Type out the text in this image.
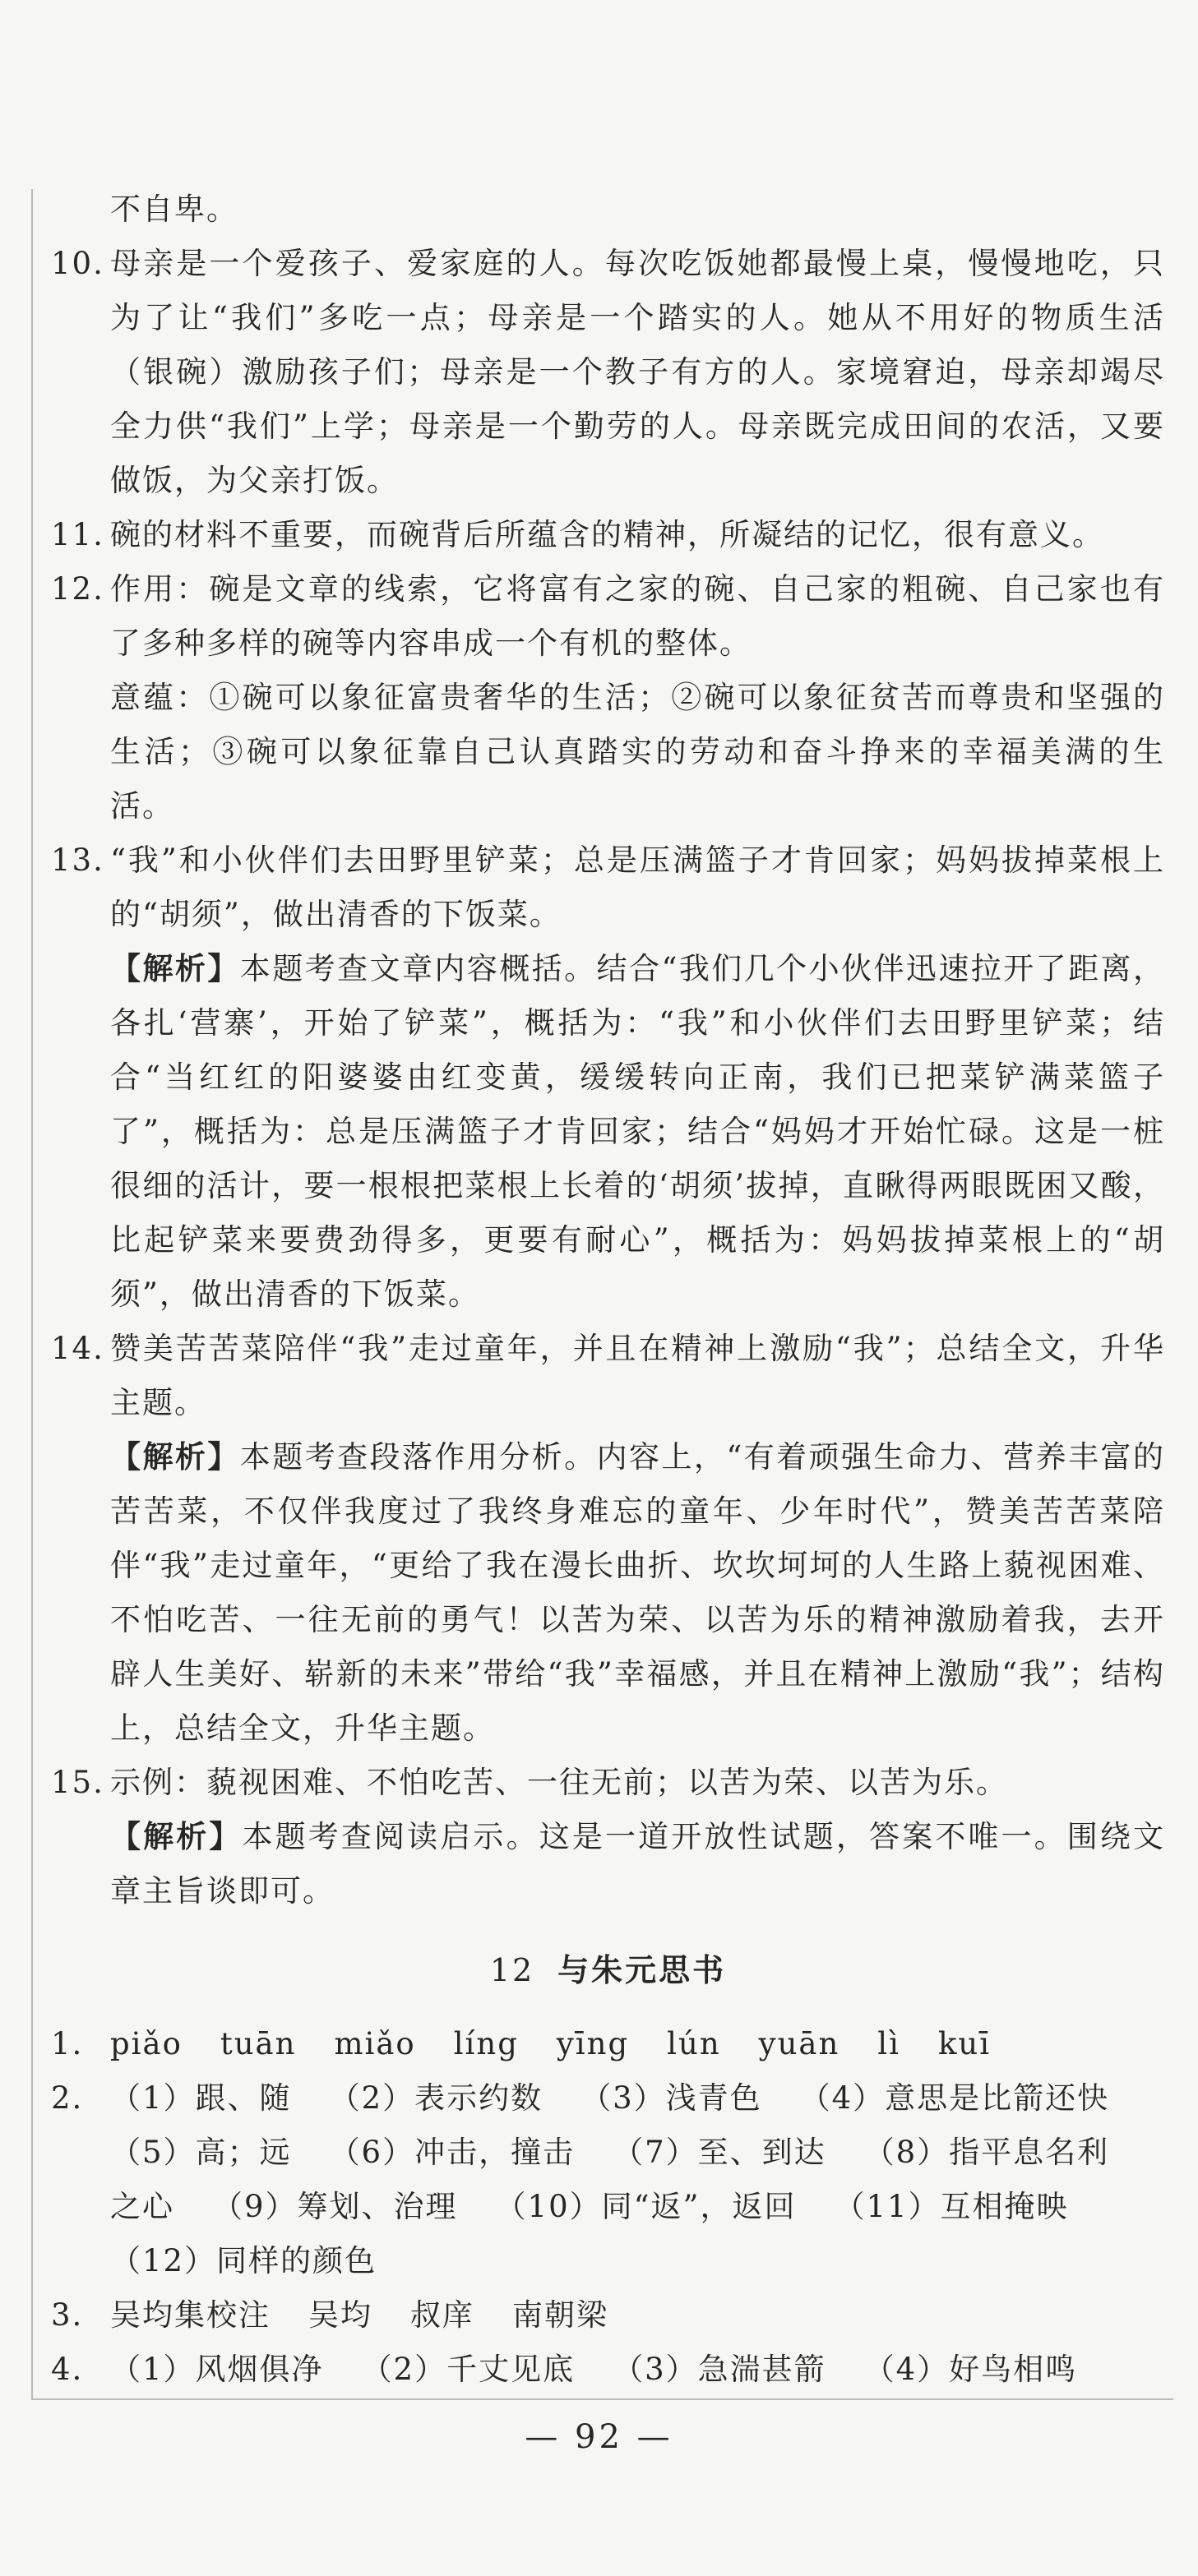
不自卑。

10. 母亲是一个爱孩子、爱家庭的人。每次吃饭她都最慢上桌，慢慢地吃，只为了让“我们”多吃一点；母亲是一个踏实的人。她从不用好的物质生活（银碗）激励孩子们；母亲是一个教子有方的人。家境窘迫，母亲却竭尽全力供“我们”上学；母亲是一个勤劳的人。母亲既完成田间的农活，又要做饭，为父亲打饭。

11. 碗的材料不重要，而碗背后所蕴含的精神，所凝结的记忆，很有意义。

12. 作用：碗是文章的线索，它将富有之家的碗、自己家的粗碗、自己家也有了多种多样的碗等内容串成一个有机的整体。

意蕴：①碗可以象征富贵奢华的生活；②碗可以象征贫苦而尊贵和坚强的生活；③碗可以象征靠自己认真踏实的劳动和奋斗挣来的幸福美满的生活。

13. “我”和小伙伴们去田野里铲菜；总是压满篮子才肯回家；妈妈拔掉菜根上的“胡须”，做出清香的下饭菜。

【解析】本题考查文章内容概括。结合“我们几个小伙伴迅速拉开了距离，各扎‘营寨’，开始了铲菜”，概括为：“我”和小伙伴们去田野里铲菜；结合“当红红的阳婆婆由红变黄，缓缓转向正南，我们已把菜铲满菜篮子了”，概括为：总是压满篮子才肯回家；结合“妈妈才开始忙碌。这是一桩很细的活计，要一根根把菜根上长着的‘胡须’拔掉，直瞅得两眼既困又酸，比起铲菜来要费劲得多，更要有耐心”，概括为：妈妈拔掉菜根上的“胡须”，做出清香的下饭菜。

14. 赞美苦苦菜陪伴“我”走过童年，并且在精神上激励“我”；总结全文，升华主题。

【解析】本题考查段落作用分析。内容上，“有着顽强生命力、营养丰富的苦苦菜，不仅伴我度过了我终身难忘的童年、少年时代”，赞美苦苦菜陪伴“我”走过童年，“更给了我在漫长曲折、坎坎坷坷的人生路上藐视困难、不怕吃苦、一往无前的勇气！以苦为荣、以苦为乐的精神激励着我，去开辟人生美好、崭新的未来”带给“我”幸福感，并且在精神上激励“我”；结构上，总结全文，升华主题。

15. 示例：藐视困难、不怕吃苦、一往无前；以苦为荣、以苦为乐。

【解析】本题考查阅读启示。这是一道开放性试题，答案不唯一。围绕文章主旨谈即可。

12 与朱元思书
1. piǎo tuān miǎo líng yīng lún yuān lì kuī
2. （1）跟、随 （2）表示约数 （3）浅青色 （4）意思是比箭还快
（5）高；远 （6）冲击，撞击 （7）至、到达 （8）指平息名利
之心 （9）筹划、治理 （10）同“返”，返回 （11）互相掩映
（12）同样的颜色
3. 吴均集校注 吴均 叔庠 南朝梁
4. （1）风烟俱净 （2）千丈见底 （3）急湍甚箭 （4）好鸟相鸣
— 92 —
